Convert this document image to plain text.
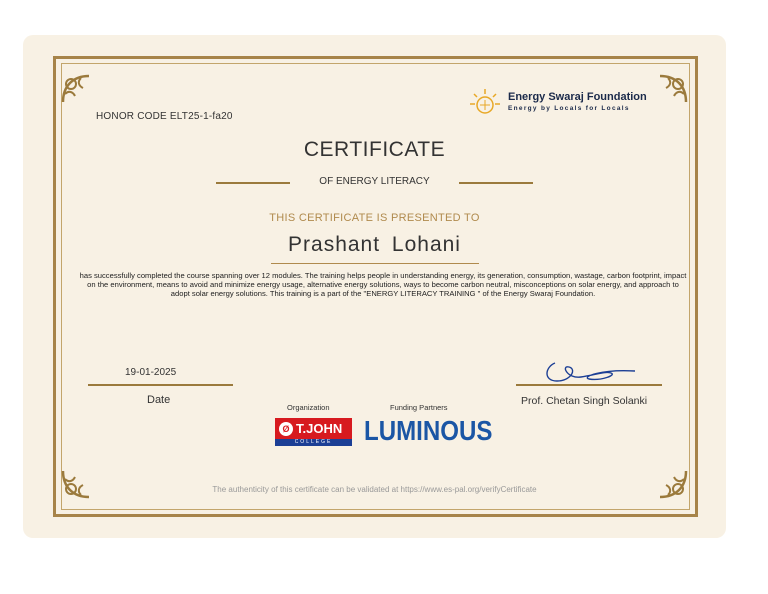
Energy Swaraj Foundation
Energy by Locals for Locals
HONOR CODE ELT25-1-fa20
CERTIFICATE
OF ENERGY LITERACY
THIS CERTIFICATE IS PRESENTED TO
Prashant Lohani
has successfully completed the course spanning over 12 modules. The training helps people in understanding energy, its generation, consumption, wastage, carbon footprint, impact on the environment, means to avoid and minimize energy usage, alternative energy solutions, ways to become carbon neutral, misconceptions on solar energy, and approach to adopt solar energy solutions. This training is a part of the "ENERGY LITERACY TRAINING " of the Energy Swaraj Foundation.
19-01-2025
Date	Prof. Chetan Singh Solanki
Organization	Funding Partners
Ø T.JOHN
COLLEGE	LUMINOUS
The authenticity of this certificate can be validated at https://www.es-pal.org/verifyCertificate
